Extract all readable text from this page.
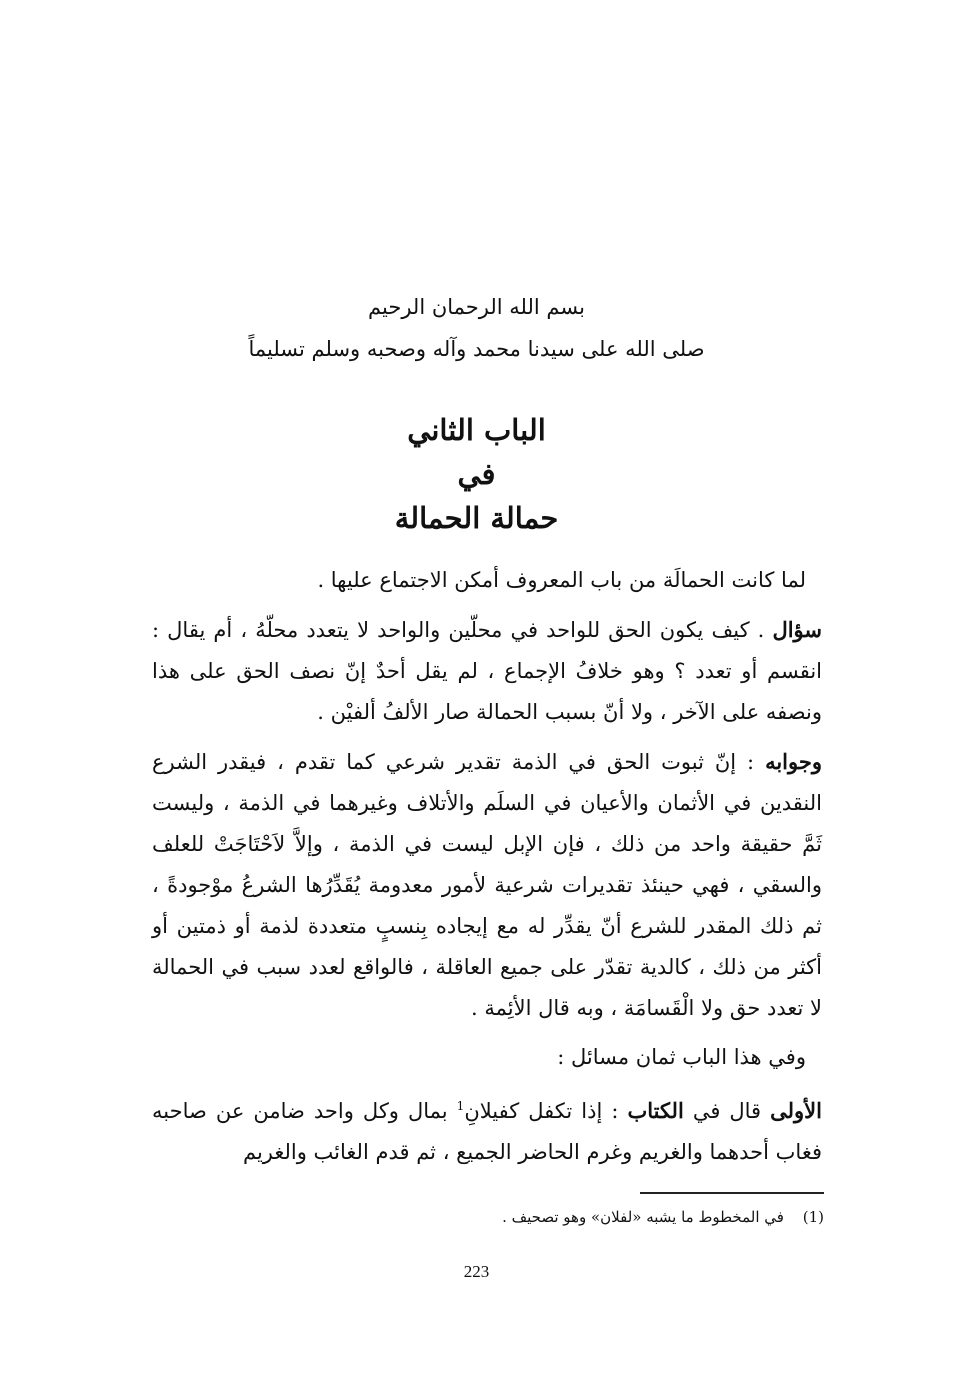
بسم الله الرحمان الرحيم
صلى الله على سيدنا محمد وآله وصحبه وسلم تسليماً
الباب الثاني
في
حمالة الحمالة

لما كانت الحمالَة من باب المعروف أمكن الاجتماع عليها .

سؤال . كيف يكون الحق للواحد في محلّين والواحد لا يتعدد محلّهُ ، أم يقال : انقسم أو تعدد ؟ وهو خلافُ الإجماع ، لم يقل أحدٌ إنّ نصف الحق على هذا ونصفه على الآخر ، ولا أنّ بسبب الحمالة صار الألفُ ألفيْن .

وجوابه : إنّ ثبوت الحق في الذمة تقدير شرعي كما تقدم ، فيقدر الشرع النقدين في الأثمان والأعيان في السلَم والأتلاف وغيرهما في الذمة ، وليست ثَمَّ حقيقة واحد من ذلك ، فإن الإبل ليست في الذمة ، وإلاَّ لاَحْتَاجَتْ للعلف والسقي ، فهي حينئذ تقديرات شرعية لأمور معدومة يُقَدِّرُها الشرعُ موْجودةً ، ثم ذلك المقدر للشرع أنّ يقدِّر له مع إيجاده بِنسبٍ متعددة لذمة أو ذمتين أو أكثر من ذلك ، كالدية تقدّر على جميع العاقلة ، فالواقع لعدد سبب في الحمالة لا تعدد حق ولا الْقَسامَة ، وبه قال الأئِمة .

وفي هذا الباب ثمان مسائل :

الأولى قال في الكتاب : إذا تكفل كفيلانِ$^1$ بمال وكل واحد ضامن عن صاحبه فغاب أحدهما والغريم وغرم الحاضر الجميع ، ثم قدم الغائب والغريم

(1) في المخطوط ما يشبه «لفلان» وهو تصحيف .
223
